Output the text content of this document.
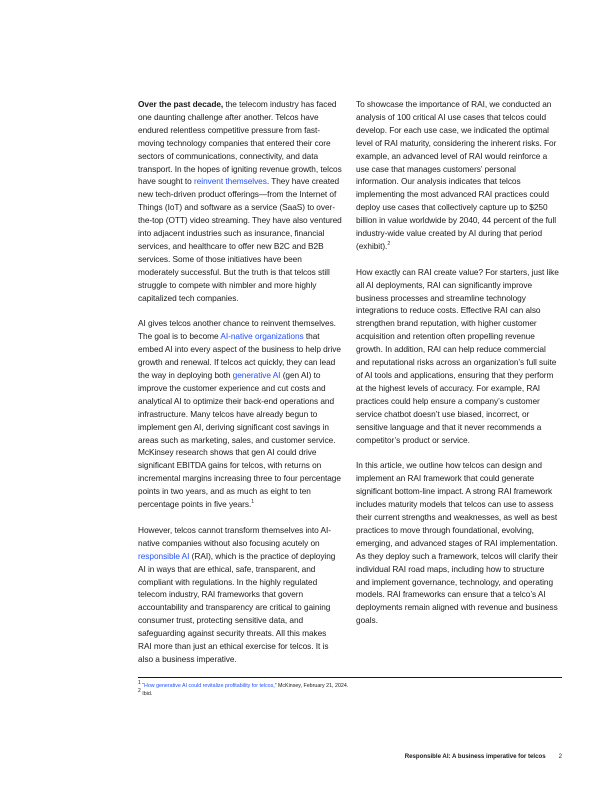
Over the past decade, the telecom industry has faced one daunting challenge after another. Telcos have endured relentless competitive pressure from fast-moving technology companies that entered their core sectors of communications, connectivity, and data transport. In the hopes of igniting revenue growth, telcos have sought to reinvent themselves. They have created new tech-driven product offerings—from the Internet of Things (IoT) and software as a service (SaaS) to over-the-top (OTT) video streaming. They have also ventured into adjacent industries such as insurance, financial services, and healthcare to offer new B2C and B2B services. Some of those initiatives have been moderately successful. But the truth is that telcos still struggle to compete with nimbler and more highly capitalized tech companies.

AI gives telcos another chance to reinvent themselves. The goal is to become AI-native organizations that embed AI into every aspect of the business to help drive growth and renewal. If telcos act quickly, they can lead the way in deploying both generative AI (gen AI) to improve the customer experience and cut costs and analytical AI to optimize their back-end operations and infrastructure. Many telcos have already begun to implement gen AI, deriving significant cost savings in areas such as marketing, sales, and customer service. McKinsey research shows that gen AI could drive significant EBITDA gains for telcos, with returns on incremental margins increasing three to four percentage points in two years, and as much as eight to ten percentage points in five years.$^1$

However, telcos cannot transform themselves into AI-native companies without also focusing acutely on responsible AI (RAI), which is the practice of deploying AI in ways that are ethical, safe, transparent, and compliant with regulations. In the highly regulated telecom industry, RAI frameworks that govern accountability and transparency are critical to gaining consumer trust, protecting sensitive data, and safeguarding against security threats. All this makes RAI more than just an ethical exercise for telcos. It is also a business imperative.

To showcase the importance of RAI, we conducted an analysis of 100 critical AI use cases that telcos could develop. For each use case, we indicated the optimal level of RAI maturity, considering the inherent risks. For example, an advanced level of RAI would reinforce a use case that manages customers’ personal information. Our analysis indicates that telcos implementing the most advanced RAI practices could deploy use cases that collectively capture up to $250 billion in value worldwide by 2040, 44 percent of the full industry-wide value created by AI during that period (exhibit).$^2$

How exactly can RAI create value? For starters, just like all AI deployments, RAI can significantly improve business processes and streamline technology integrations to reduce costs. Effective RAI can also strengthen brand reputation, with higher customer acquisition and retention often propelling revenue growth. In addition, RAI can help reduce commercial and reputational risks across an organization’s full suite of AI tools and applications, ensuring that they perform at the highest levels of accuracy. For example, RAI practices could help ensure a company’s customer service chatbot doesn’t use biased, incorrect, or sensitive language and that it never recommends a competitor’s product or service.

In this article, we outline how telcos can design and implement an RAI framework that could generate significant bottom-line impact. A strong RAI framework includes maturity models that telcos can use to assess their current strengths and weaknesses, as well as best practices to move through foundational, evolving, emerging, and advanced stages of RAI implementation. As they deploy such a framework, telcos will clarify their individual RAI road maps, including how to structure and implement governance, technology, and operating models. RAI frameworks can ensure that a telco’s AI deployments remain aligned with revenue and business goals.

$^1$ “How generative AI could revitalize profitability for telcos,” McKinsey, February 21, 2024.
$^2$ Ibid.
Responsible AI: A business imperative for telcos 2
